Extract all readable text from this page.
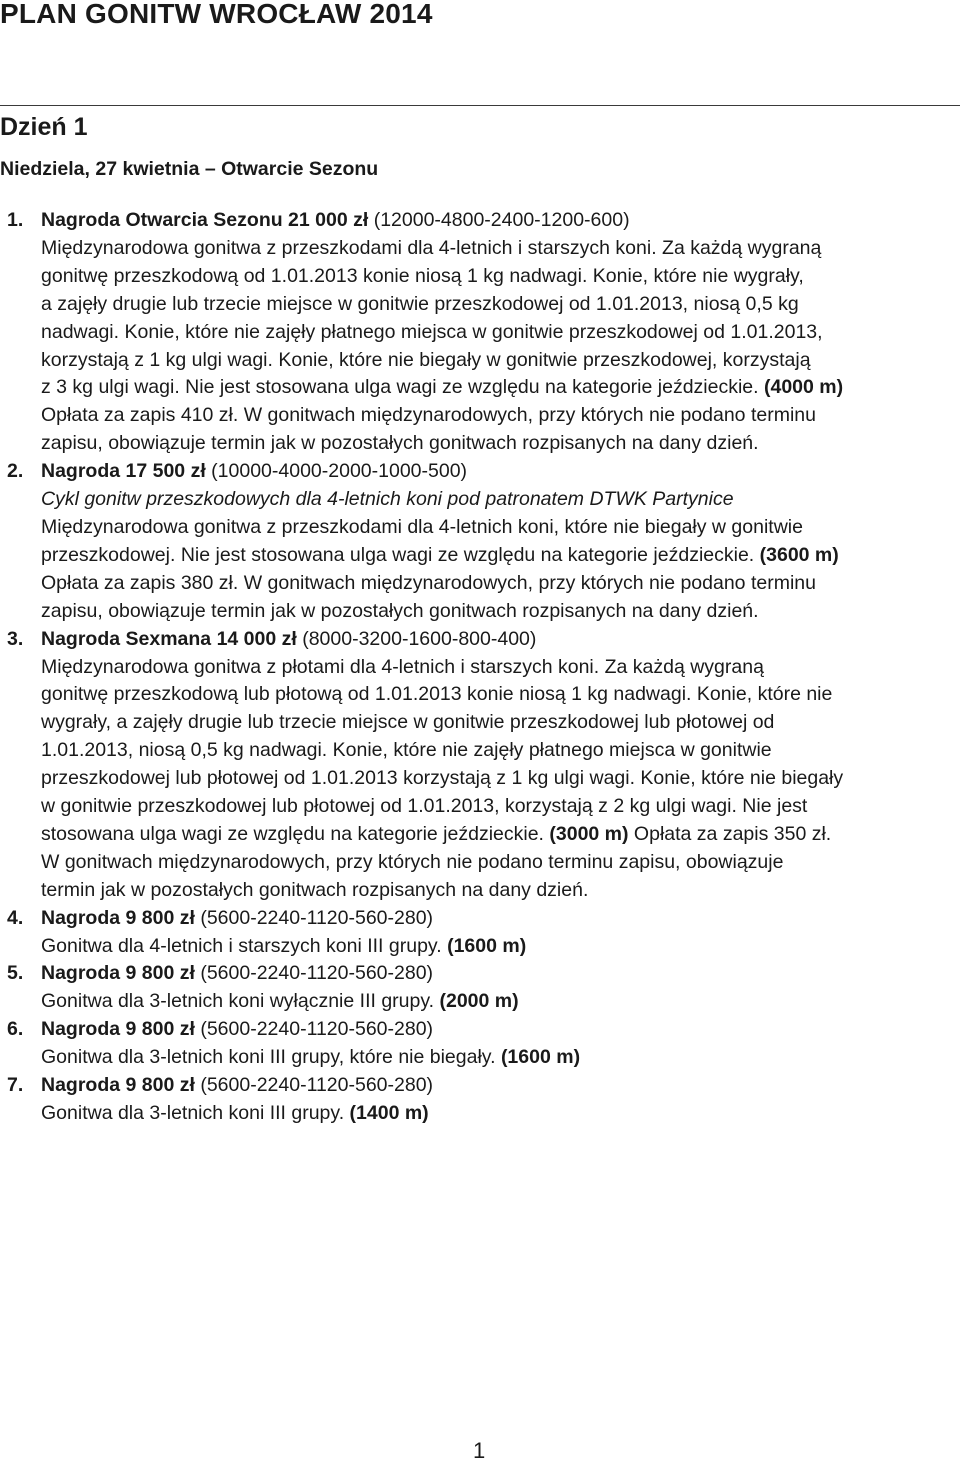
PLAN GONITW WROCŁAW 2014
Dzień 1
Niedziela, 27 kwietnia – Otwarcie Sezonu
1. Nagroda Otwarcia Sezonu 21 000 zł (12000-4800-2400-1200-600)
Międzynarodowa gonitwa z przeszkodami dla 4-letnich i starszych koni. Za każdą wygraną
gonitwę przeszkodową od 1.01.2013 konie niosą 1 kg nadwagi. Konie, które nie wygrały,
a zajęły drugie lub trzecie miejsce w gonitwie przeszkodowej od 1.01.2013, niosą 0,5 kg
nadwagi. Konie, które nie zajęły płatnego miejsca w gonitwie przeszkodowej od 1.01.2013,
korzystają z 1 kg ulgi wagi. Konie, które nie biegały w gonitwie przeszkodowej, korzystają
z 3 kg ulgi wagi. Nie jest stosowana ulga wagi ze względu na kategorie jeździeckie. (4000 m)
Opłata za zapis 410 zł. W gonitwach międzynarodowych, przy których nie podano terminu
zapisu, obowiązuje termin jak w pozostałych gonitwach rozpisanych na dany dzień.
2. Nagroda 17 500 zł (10000-4000-2000-1000-500)
Cykl gonitw przeszkodowych dla 4-letnich koni pod patronatem DTWK Partynice
Międzynarodowa gonitwa z przeszkodami dla 4-letnich koni, które nie biegały w gonitwie
przeszkodowej. Nie jest stosowana ulga wagi ze względu na kategorie jeździeckie. (3600 m)
Opłata za zapis 380 zł. W gonitwach międzynarodowych, przy których nie podano terminu
zapisu, obowiązuje termin jak w pozostałych gonitwach rozpisanych na dany dzień.
3. Nagroda Sexmana 14 000 zł (8000-3200-1600-800-400)
Międzynarodowa gonitwa z płotami dla 4-letnich i starszych koni. Za każdą wygraną
gonitwę przeszkodową lub płotową od 1.01.2013 konie niosą 1 kg nadwagi. Konie, które nie
wygrały, a zajęły drugie lub trzecie miejsce w gonitwie przeszkodowej lub płotowej od
1.01.2013, niosą 0,5 kg nadwagi. Konie, które nie zajęły płatnego miejsca w gonitwie
przeszkodowej lub płotowej od 1.01.2013 korzystają z 1 kg ulgi wagi. Konie, które nie biegały
w gonitwie przeszkodowej lub płotowej od 1.01.2013, korzystają z 2 kg ulgi wagi. Nie jest
stosowana ulga wagi ze względu na kategorie jeździeckie. (3000 m) Opłata za zapis 350 zł.
W gonitwach międzynarodowych, przy których nie podano terminu zapisu, obowiązuje
termin jak w pozostałych gonitwach rozpisanych na dany dzień.
4. Nagroda 9 800 zł (5600-2240-1120-560-280)
Gonitwa dla 4-letnich i starszych koni III grupy. (1600 m)
5. Nagroda 9 800 zł (5600-2240-1120-560-280)
Gonitwa dla 3-letnich koni wyłącznie III grupy. (2000 m)
6. Nagroda 9 800 zł (5600-2240-1120-560-280)
Gonitwa dla 3-letnich koni III grupy, które nie biegały. (1600 m)
7. Nagroda 9 800 zł (5600-2240-1120-560-280)
Gonitwa dla 3-letnich koni III grupy. (1400 m)
1
